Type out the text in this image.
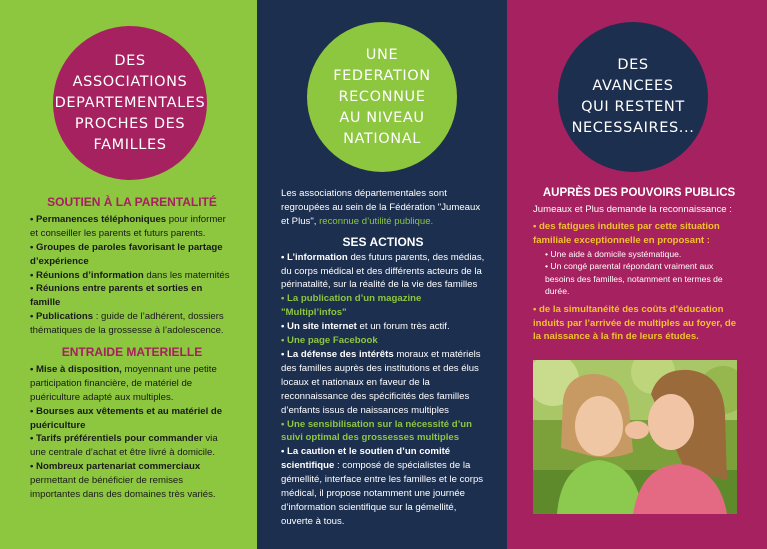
DES
ASSOCIATIONS
DEPARTEMENTALES
PROCHES DES
FAMILLES

SOUTIEN À LA PARENTALITÉ

• Permanences téléphoniques pour informer et conseiller les parents et futurs parents.

• Groupes de paroles favorisant le partage d’expérience

• Réunions d’information dans les maternités

• Réunions entre parents et sorties en famille

• Publications : guide de l’adhérent, dossiers thématiques de la grossesse à l’adolescence.

ENTRAIDE MATERIELLE

• Mise à disposition, moyennant une petite participation financière, de matériel de puériculture adapté aux multiples.

• Bourses aux vêtements et au matériel de puériculture

• Tarifs préférentiels pour commander via une centrale d’achat et être livré à domicile.

• Nombreux partenariat commerciaux permettant de bénéficier de remises importantes dans des domaines très variés.

UNE
FEDERATION
RECONNUE
AU NIVEAU
NATIONAL

Les associations départementales sont regroupées au sein de la Fédération "Jumeaux et Plus", reconnue d’utilité publique.

SES ACTIONS

• L’information des futurs parents, des médias, du corps médical et des différents acteurs de la périnatalité, sur la réalité de la vie des familles

• La publication d’un magazine "Multipl’infos"

• Un site internet et un forum très actif.

• Une page Facebook

• La défense des intérêts moraux et matériels des familles auprès des institutions et des élus locaux et nationaux en faveur de la reconnaissance des spécificités des familles d’enfants issus de naissances multiples

• Une sensibilisation sur la nécessité d’un suivi optimal des grossesses multiples

• La caution et le soutien d’un comité scientifique : composé de spécialistes de la gémellité, interface entre les familles et le corps médical, il propose notamment une journée d’information scientifique sur la gémellité, ouverte à tous.

DES
AVANCEES
QUI RESTENT
NECESSAIRES...

AUPRÈS DES POUVOIRS PUBLICS

Jumeaux et Plus demande la reconnaissance :

• des fatigues induites par cette situation familiale exceptionnelle en proposant :

• Une aide à domicile systématique.

• Un congé parental répondant vraiment aux besoins des familles, notamment en termes de durée.

• de la simultanéité des coûts d’éducation induits par l’arrivée de multiples au foyer, de la naissance à la fin de leurs études.
